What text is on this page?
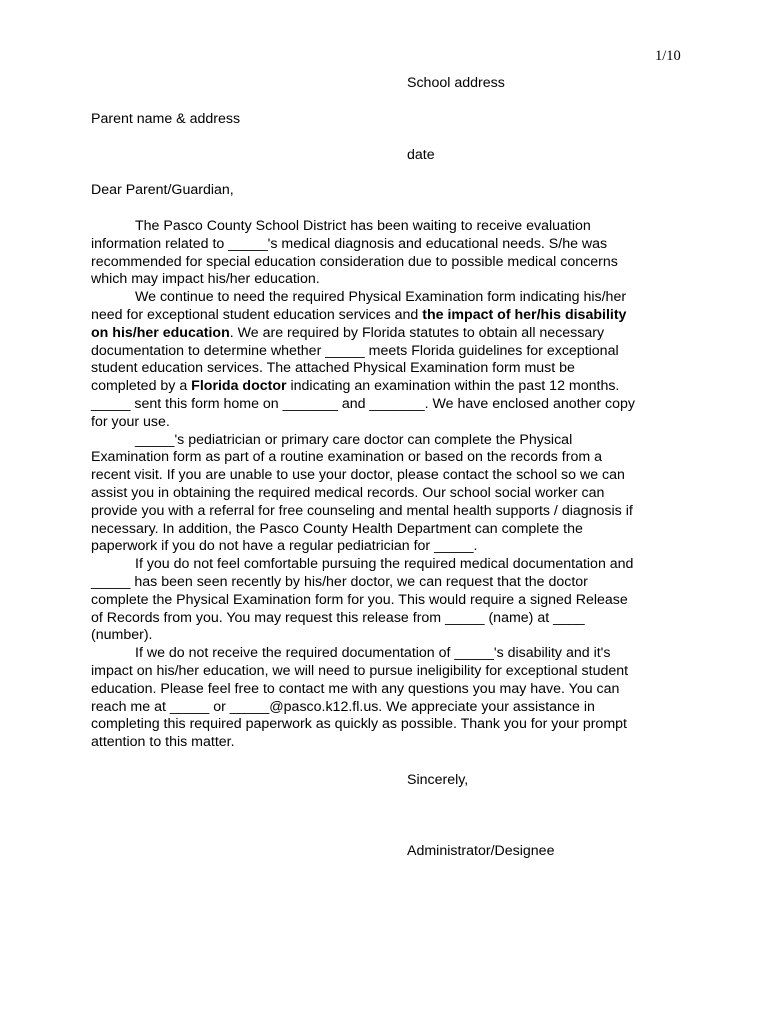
1/10
School address
Parent name & address
date
Dear Parent/Guardian,
The Pasco County School District has been waiting to receive evaluation
information related to _____'s medical diagnosis and educational needs. S/he was
recommended for special education consideration due to possible medical concerns
which may impact his/her education.
We continue to need the required Physical Examination form indicating his/her
need for exceptional student education services and the impact of her/his disability
on his/her education. We are required by Florida statutes to obtain all necessary
documentation to determine whether _____ meets Florida guidelines for exceptional
student education services. The attached Physical Examination form must be
completed by a Florida doctor indicating an examination within the past 12 months.
_____ sent this form home on _______ and _______. We have enclosed another copy
for your use.
_____'s pediatrician or primary care doctor can complete the Physical
Examination form as part of a routine examination or based on the records from a
recent visit. If you are unable to use your doctor, please contact the school so we can
assist you in obtaining the required medical records. Our school social worker can
provide you with a referral for free counseling and mental health supports / diagnosis if
necessary. In addition, the Pasco County Health Department can complete the
paperwork if you do not have a regular pediatrician for _____.
If you do not feel comfortable pursuing the required medical documentation and
_____ has been seen recently by his/her doctor, we can request that the doctor
complete the Physical Examination form for you. This would require a signed Release
of Records from you. You may request this release from _____ (name) at ____
(number).
If we do not receive the required documentation of _____'s disability and it's
impact on his/her education, we will need to pursue ineligibility for exceptional student
education. Please feel free to contact me with any questions you may have. You can
reach me at _____ or _____@pasco.k12.fl.us. We appreciate your assistance in
completing this required paperwork as quickly as possible. Thank you for your prompt
attention to this matter.
Sincerely,
Administrator/Designee
